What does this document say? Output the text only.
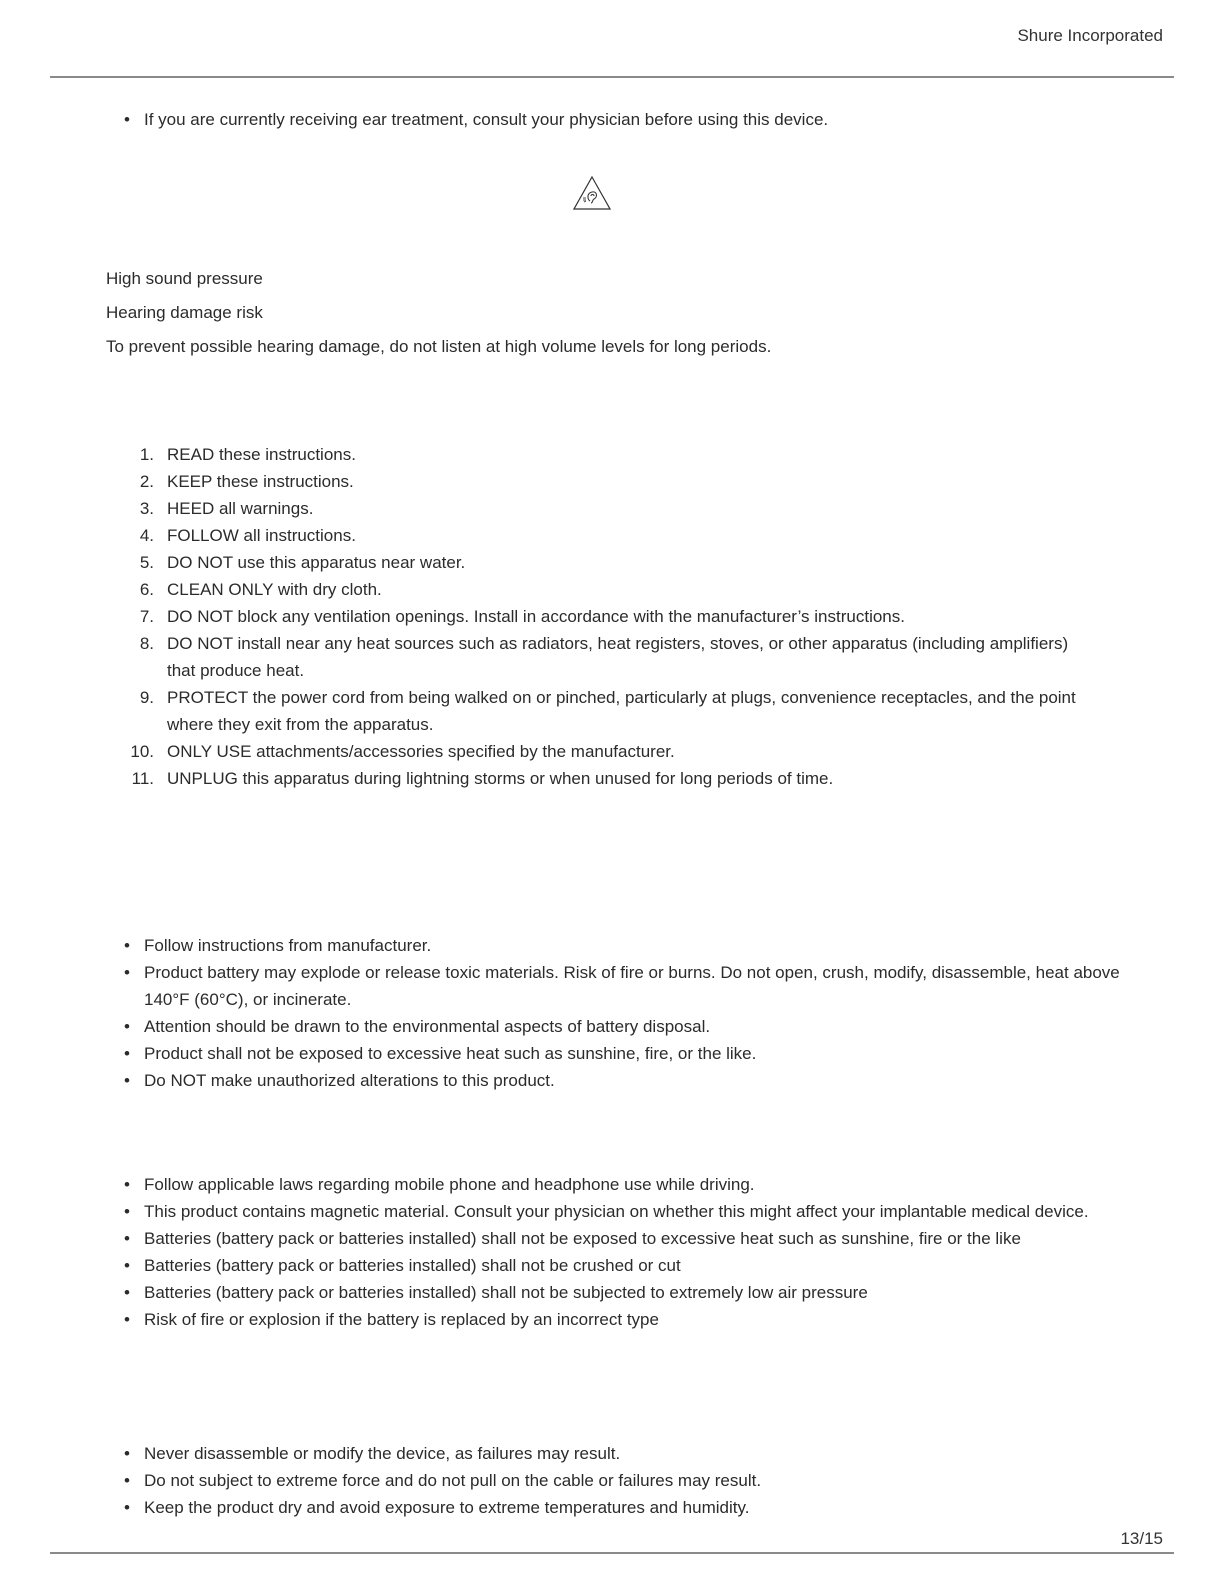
Shure Incorporated
• If you are currently receiving ear treatment, consult your physician before using this device.

High sound pressure

Hearing damage risk

To prevent possible hearing damage, do not listen at high volume levels for long periods.

1. READ these instructions.
2. KEEP these instructions.
3. HEED all warnings.
4. FOLLOW all instructions.
5. DO NOT use this apparatus near water.
6. CLEAN ONLY with dry cloth.
7. DO NOT block any ventilation openings. Install in accordance with the manufacturer’s instructions.
8. DO NOT install near any heat sources such as radiators, heat registers, stoves, or other apparatus (including amplifiers) that produce heat.
9. PROTECT the power cord from being walked on or pinched, particularly at plugs, convenience receptacles, and the point where they exit from the apparatus.
10. ONLY USE attachments/accessories specified by the manufacturer.
11. UNPLUG this apparatus during lightning storms or when unused for long periods of time.
• Follow instructions from manufacturer.
• Product battery may explode or release toxic materials. Risk of fire or burns. Do not open, crush, modify, disassemble, heat above 140°F (60°C), or incinerate.
• Attention should be drawn to the environmental aspects of battery disposal.
• Product shall not be exposed to excessive heat such as sunshine, fire, or the like.
• Do NOT make unauthorized alterations to this product.
• Follow applicable laws regarding mobile phone and headphone use while driving.
• This product contains magnetic material. Consult your physician on whether this might affect your implantable medical device.
• Batteries (battery pack or batteries installed) shall not be exposed to excessive heat such as sunshine, fire or the like
• Batteries (battery pack or batteries installed) shall not be crushed or cut
• Batteries (battery pack or batteries installed) shall not be subjected to extremely low air pressure
• Risk of fire or explosion if the battery is replaced by an incorrect type
• Never disassemble or modify the device, as failures may result.
• Do not subject to extreme force and do not pull on the cable or failures may result.
• Keep the product dry and avoid exposure to extreme temperatures and humidity.
13/15
